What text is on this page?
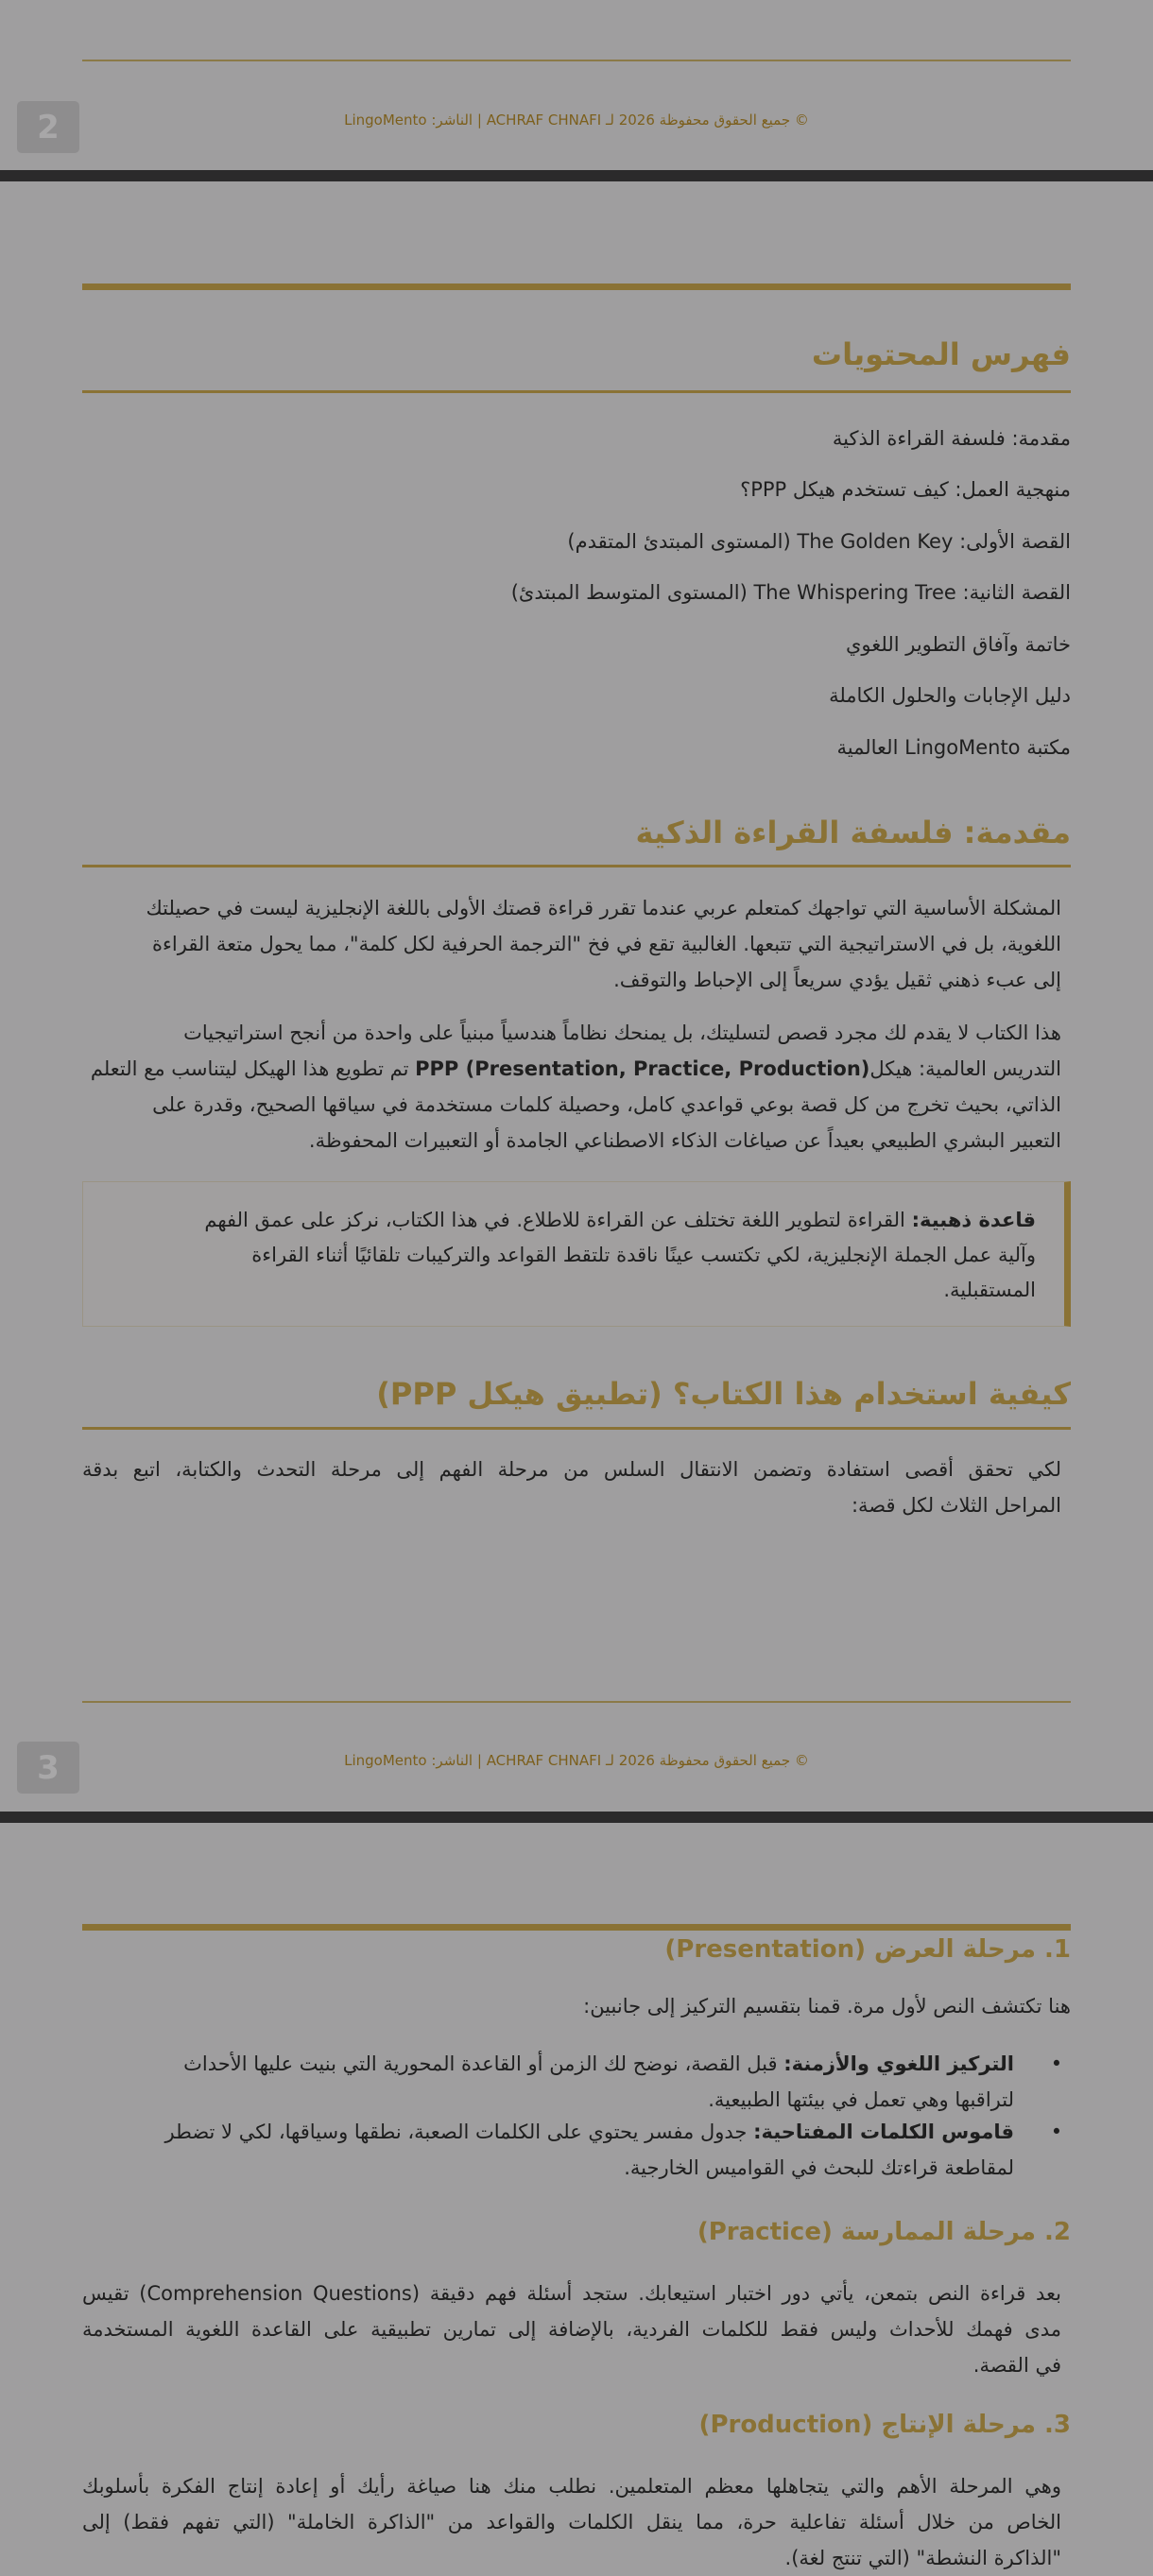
© جميع الحقوق محفوظة 2026 لـ ACHRAF CHNAFI | الناشر: LingoMento
2
فهرس المحتويات
مقدمة: فلسفة القراءة الذكية
منهجية العمل: كيف تستخدم هيكل PPP؟
القصة الأولى: The Golden Key (المستوى المبتدئ المتقدم)
القصة الثانية: The Whispering Tree (المستوى المتوسط المبتدئ)
خاتمة وآفاق التطوير اللغوي
دليل الإجابات والحلول الكاملة
مكتبة LingoMento العالمية
مقدمة: فلسفة القراءة الذكية
المشكلة الأساسية التي تواجهك كمتعلم عربي عندما تقرر قراءة قصتك الأولى باللغة الإنجليزية ليست في حصيلتك
اللغوية، بل في الاستراتيجية التي تتبعها. الغالبية تقع في فخ "الترجمة الحرفية لكل كلمة"، مما يحول متعة القراءة
إلى عبء ذهني ثقيل يؤدي سريعاً إلى الإحباط والتوقف.
هذا الكتاب لا يقدم لك مجرد قصص لتسليتك، بل يمنحك نظاماً هندسياً مبنياً على واحدة من أنجح استراتيجيات
التدريس العالمية: هيكلPPP (Presentation, Practice, Production) تم تطويع هذا الهيكل ليتناسب مع التعلم
الذاتي، بحيث تخرج من كل قصة بوعي قواعدي كامل، وحصيلة كلمات مستخدمة في سياقها الصحيح، وقدرة على
التعبير البشري الطبيعي بعيداً عن صياغات الذكاء الاصطناعي الجامدة أو التعبيرات المحفوظة.
قاعدة ذهبية: القراءة لتطوير اللغة تختلف عن القراءة للاطلاع. في هذا الكتاب، نركز على عمق الفهم
وآلية عمل الجملة الإنجليزية، لكي تكتسب عينًا ناقدة تلتقط القواعد والتركيبات تلقائيًا أثناء القراءة
المستقبلية.
كيفية استخدام هذا الكتاب؟ (تطبيق هيكل PPP)
لكي تحقق أقصى استفادة وتضمن الانتقال السلس من مرحلة الفهم إلى مرحلة التحدث والكتابة، اتبع بدقة
المراحل الثلاث لكل قصة:
© جميع الحقوق محفوظة 2026 لـ ACHRAF CHNAFI | الناشر: LingoMento
3
1. مرحلة العرض (Presentation)
هنا تكتشف النص لأول مرة. قمنا بتقسيم التركيز إلى جانبين:
•
التركيز اللغوي والأزمنة: قبل القصة، نوضح لك الزمن أو القاعدة المحورية التي بنيت عليها الأحداث
لتراقبها وهي تعمل في بيئتها الطبيعية.
•
قاموس الكلمات المفتاحية: جدول مفسر يحتوي على الكلمات الصعبة، نطقها وسياقها، لكي لا تضطر
لمقاطعة قراءتك للبحث في القواميس الخارجية.
2. مرحلة الممارسة (Practice)
بعد قراءة النص بتمعن، يأتي دور اختبار استيعابك. ستجد أسئلة فهم دقيقة (Comprehension Questions) تقيس
مدى فهمك للأحداث وليس فقط للكلمات الفردية، بالإضافة إلى تمارين تطبيقية على القاعدة اللغوية المستخدمة
في القصة.
3. مرحلة الإنتاج (Production)
وهي المرحلة الأهم والتي يتجاهلها معظم المتعلمين. نطلب منك هنا صياغة رأيك أو إعادة إنتاج الفكرة بأسلوبك
الخاص من خلال أسئلة تفاعلية حرة، مما ينقل الكلمات والقواعد من "الذاكرة الخاملة" (التي تفهم فقط) إلى
"الذاكرة النشطة" (التي تنتج لغة).
